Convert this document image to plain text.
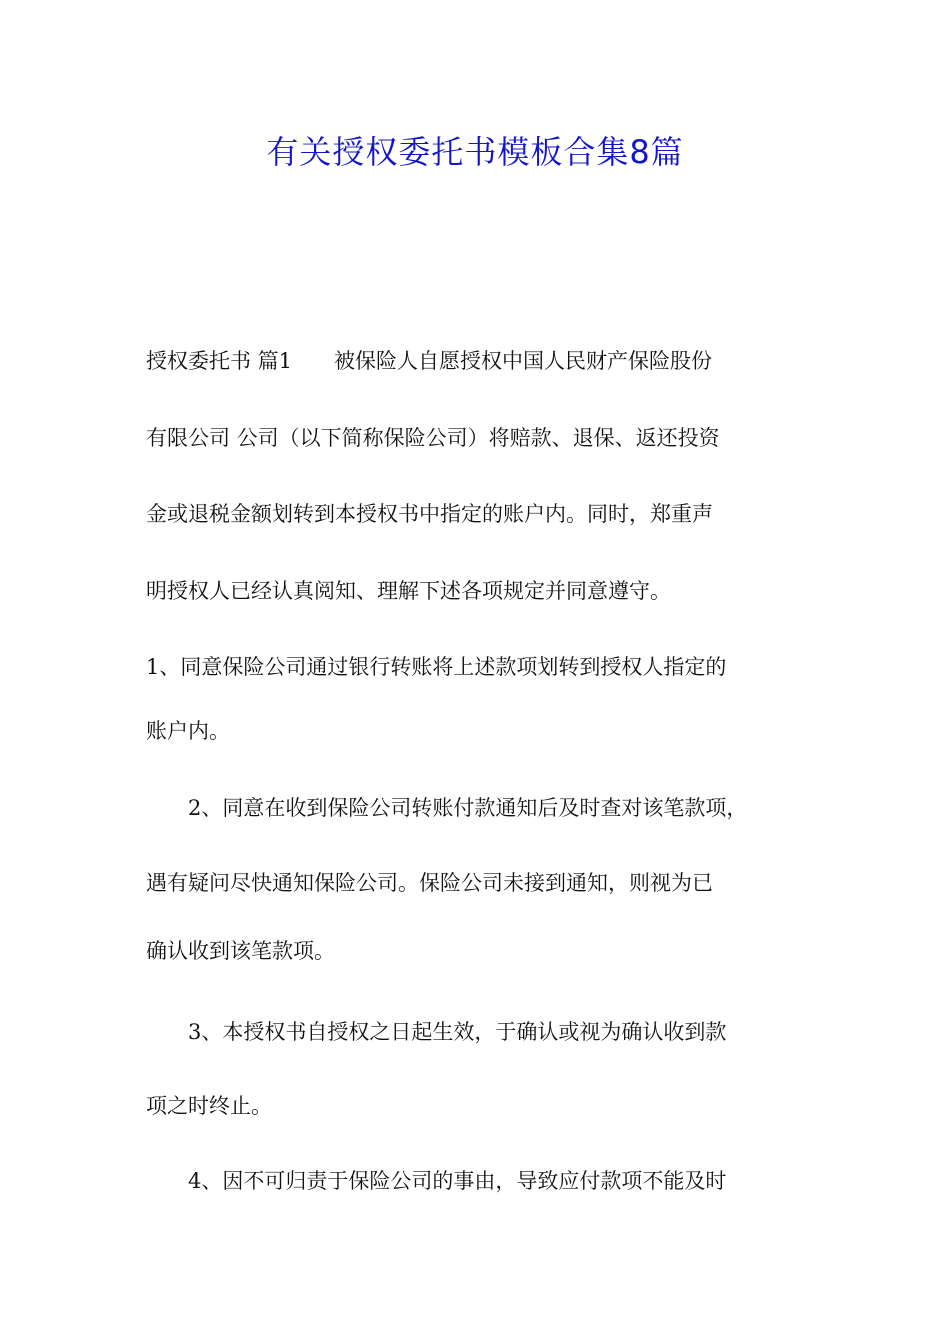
有关授权委托书模板合集8篇
授权委托书 篇1　　被保险人自愿授权中国人民财产保险股份
有限公司 公司（以下简称保险公司）将赔款、退保、返还投资
金或退税金额划转到本授权书中指定的账户内。同时，郑重声
明授权人已经认真阅知、理解下述各项规定并同意遵守。
1、同意保险公司通过银行转账将上述款项划转到授权人指定的
账户内。
　　2、同意在收到保险公司转账付款通知后及时查对该笔款项，
遇有疑问尽快通知保险公司。保险公司未接到通知，则视为已
确认收到该笔款项。
　　3、本授权书自授权之日起生效，于确认或视为确认收到款
项之时终止。
　　4、因不可归责于保险公司的事由，导致应付款项不能及时
